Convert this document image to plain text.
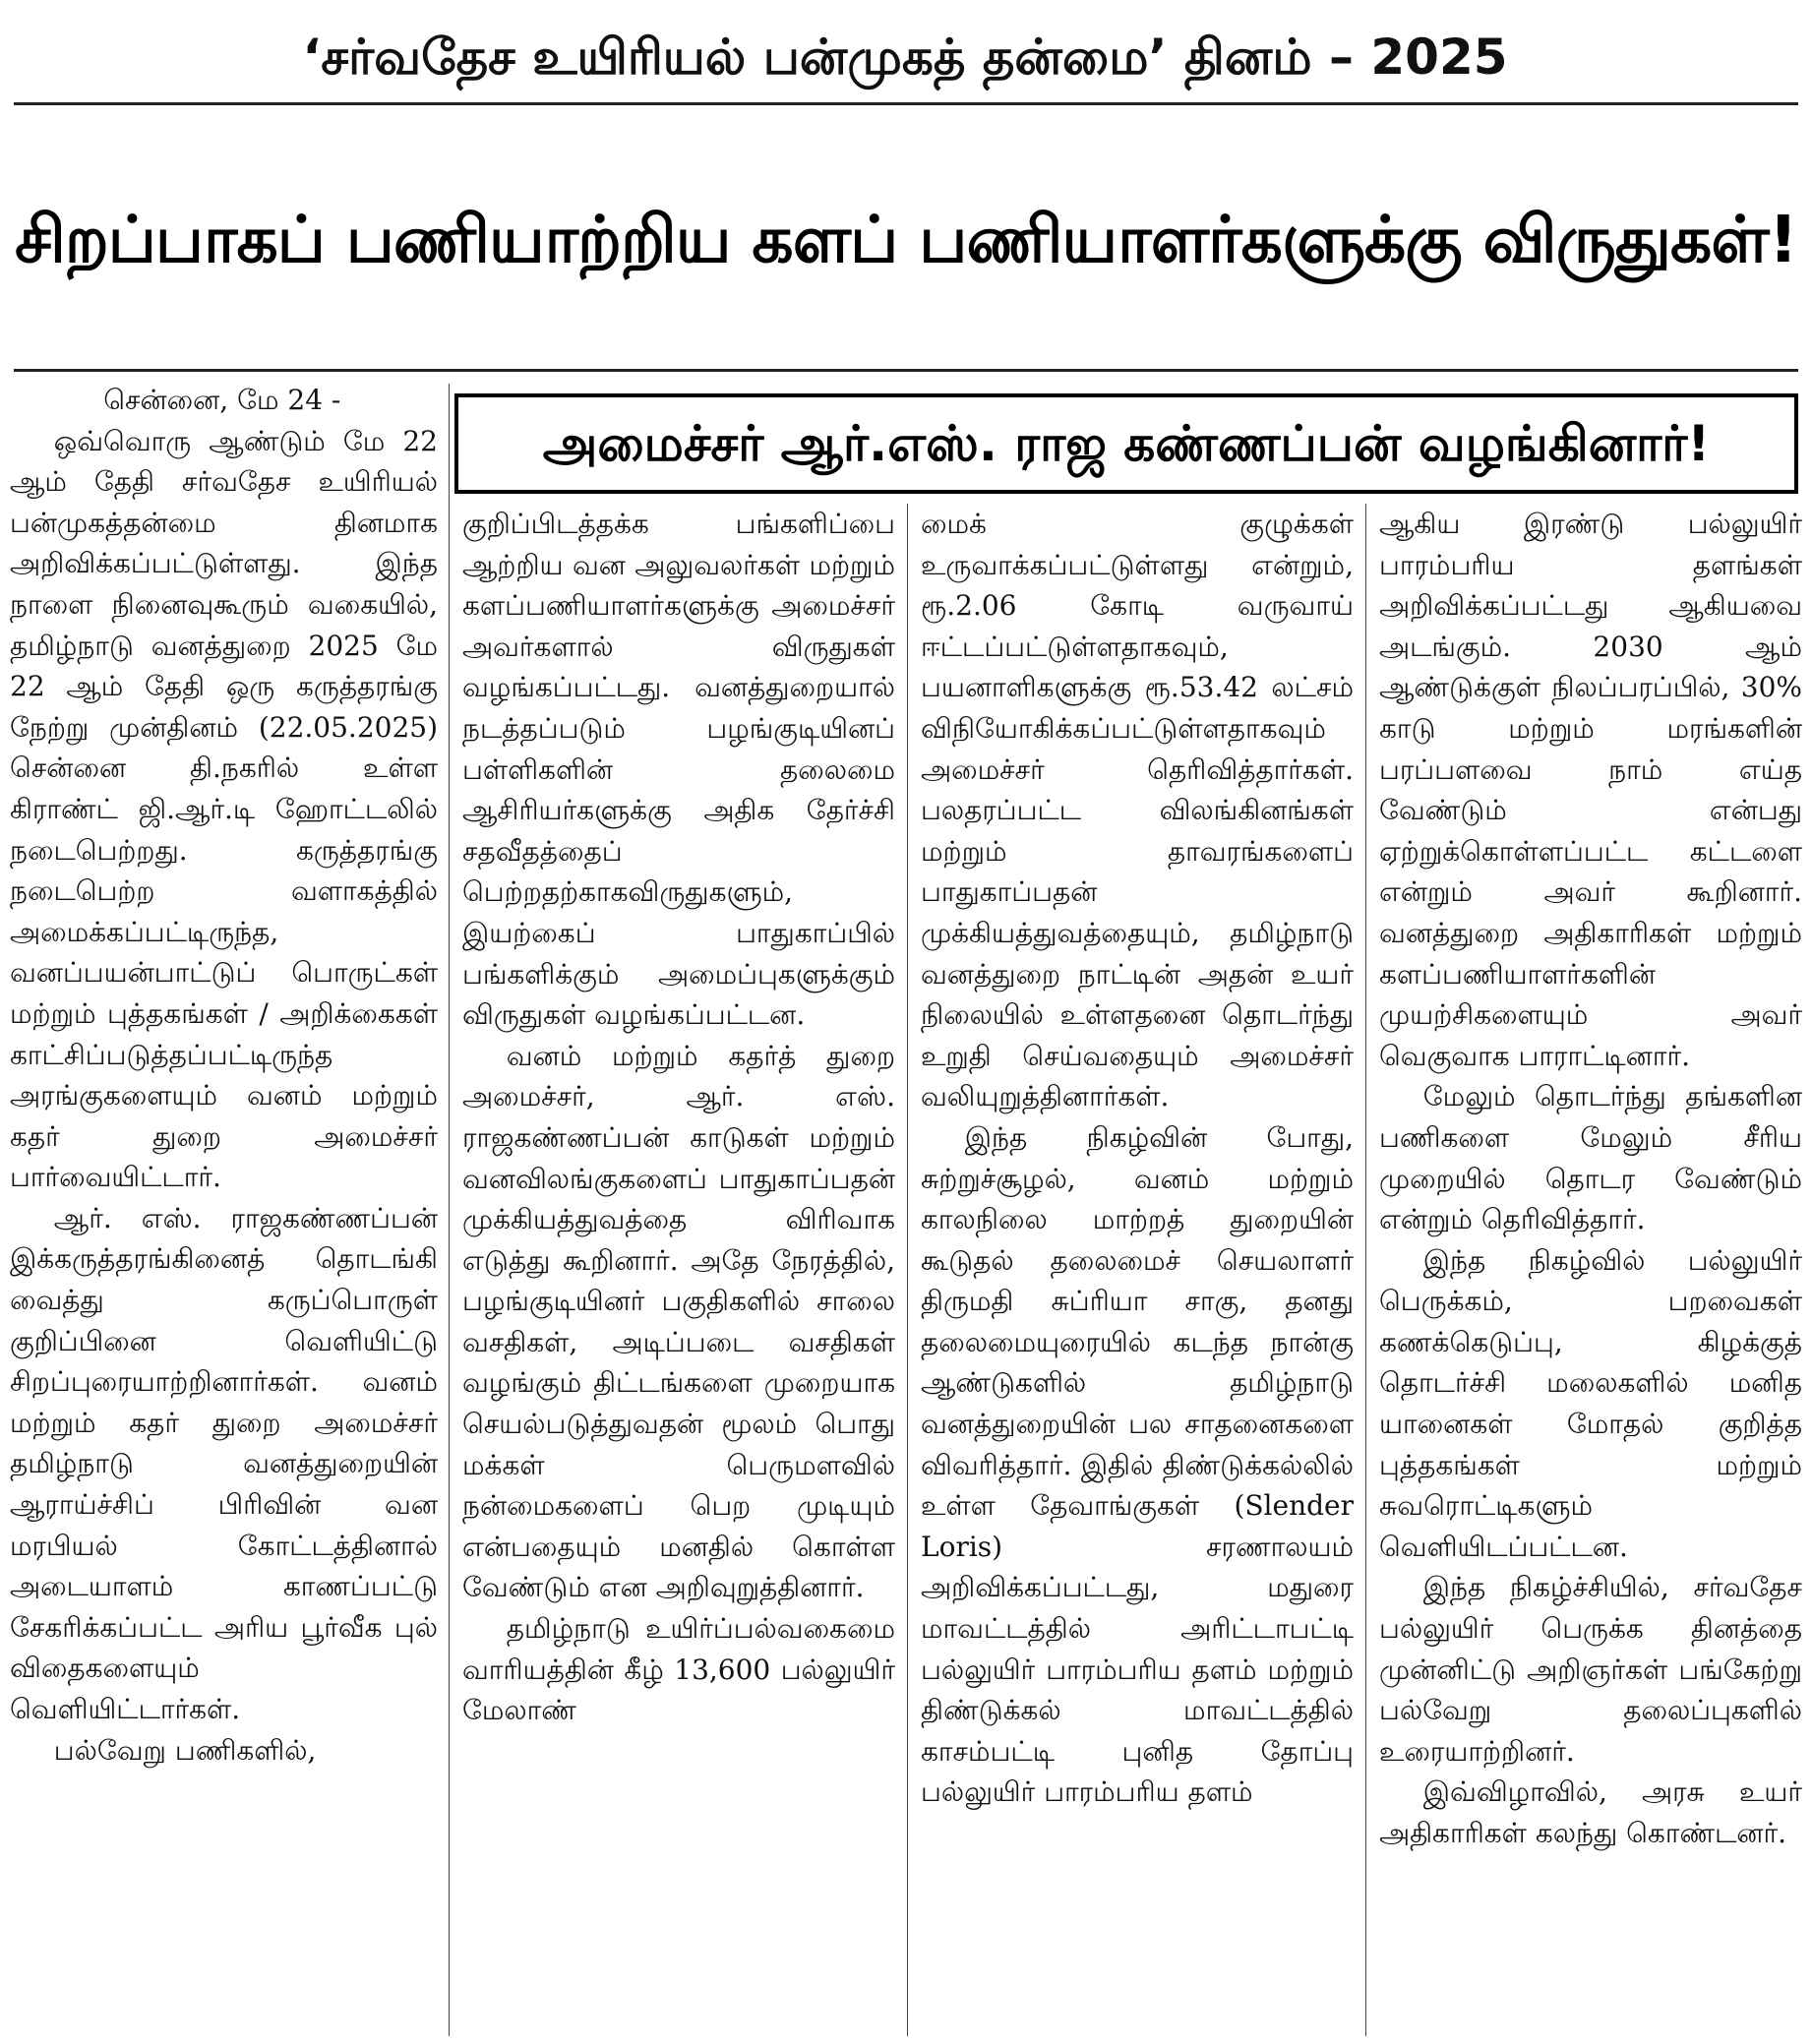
‘சர்வதேச உயிரியல் பன்முகத் தன்மை’ தினம் – 2025
சிறப்பாகப் பணியாற்றிய களப் பணியாளர்களுக்கு விருதுகள்!
அமைச்சர் ஆர்.எஸ். ராஜ கண்ணப்பன் வழங்கினார்!

சென்னை, மே 24 -

ஒவ்வொரு ஆண்டும் மே 22 ஆம் தேதி சர்வதேச உயிரியல் பன்முகத்தன்மை தினமாக அறிவிக்கப்பட்டுள்ளது. இந்த நாளை நினைவுகூரும் வகையில், தமிழ்நாடு வனத்துறை 2025 மே 22 ஆம் தேதி ஒரு கருத்தரங்கு நேற்று முன்தினம் (22.05.2025) சென்னை தி.நகரில் உள்ள கிராண்ட் ஜி.ஆர்.டி ஹோட்டலில் நடைபெற்றது. கருத்தரங்கு நடைபெற்ற வளாகத்தில் அமைக்கப்பட்டிருந்த, வனப்பயன்பாட்டுப் பொருட்கள் மற்றும் புத்தகங்கள் / அறிக்கைகள் காட்சிப்படுத்தப்பட்டிருந்த அரங்குகளையும் வனம் மற்றும் கதர் துறை அமைச்சர் பார்வையிட்டார்.

ஆர். எஸ். ராஜகண்ணப்பன் இக்கருத்தரங்கினைத் தொடங்கி வைத்து கருப்பொருள் குறிப்பினை வெளியிட்டு சிறப்புரையாற்றினார்கள். வனம் மற்றும் கதர் துறை அமைச்சர் தமிழ்நாடு வனத்துறையின் ஆராய்ச்சிப் பிரிவின் வன மரபியல் கோட்டத்தினால் அடையாளம் காணப்பட்டு சேகரிக்கப்பட்ட அரிய பூர்வீக புல் விதைகளையும் வெளியிட்டார்கள்.

பல்வேறு பணிகளில்,

குறிப்பிடத்தக்க பங்களிப்பை ஆற்றிய வன அலுவலர்கள் மற்றும் களப்பணியாளர்களுக்கு அமைச்சர் அவர்களால் விருதுகள் வழங்கப்பட்டது. வனத்துறையால் நடத்தப்படும் பழங்குடியினப் பள்ளிகளின் தலைமை ஆசிரியர்களுக்கு அதிக தேர்ச்சி சதவீதத்தைப் பெற்றதற்காகவிருதுகளும், இயற்கைப் பாதுகாப்பில் பங்களிக்கும் அமைப்புகளுக்கும் விருதுகள் வழங்கப்பட்டன.

வனம் மற்றும் கதர்த் துறை அமைச்சர், ஆர். எஸ். ராஜகண்ணப்பன் காடுகள் மற்றும் வனவிலங்குகளைப் பாதுகாப்பதன் முக்கியத்துவத்தை விரிவாக எடுத்து கூறினார். அதே நேரத்தில், பழங்குடியினர் பகுதிகளில் சாலை வசதிகள், அடிப்படை வசதிகள் வழங்கும் திட்டங்களை முறையாக செயல்படுத்துவதன் மூலம் பொது மக்கள் பெருமளவில் நன்மைகளைப் பெற முடியும் என்பதையும் மனதில் கொள்ள வேண்டும் என அறிவுறுத்தினார்.

தமிழ்நாடு உயிர்ப்பல்வகைமை வாரியத்தின் கீழ் 13,600 பல்லுயிர் மேலாண்

மைக் குழுக்கள் உருவாக்கப்பட்டுள்ளது என்றும், ரூ.2.06 கோடி வருவாய் ஈட்டப்பட்டுள்ளதாகவும், பயனாளிகளுக்கு ரூ.53.42 லட்சம் விநியோகிக்கப்பட்டுள்ளதாகவும் அமைச்சர் தெரிவித்தார்கள். பலதரப்பட்ட விலங்கினங்கள் மற்றும் தாவரங்களைப் பாதுகாப்பதன் முக்கியத்துவத்தையும், தமிழ்நாடு வனத்துறை நாட்டின் அதன் உயர் நிலையில் உள்ளதனை தொடர்ந்து உறுதி செய்வதையும் அமைச்சர் வலியுறுத்தினார்கள்.

இந்த நிகழ்வின் போது, சுற்றுச்சூழல், வனம் மற்றும் காலநிலை மாற்றத் துறையின் கூடுதல் தலைமைச் செயலாளர் திருமதி சுப்ரியா சாகு, தனது தலைமையுரையில் கடந்த நான்கு ஆண்டுகளில் தமிழ்நாடு வனத்துறையின் பல சாதனைகளை விவரித்தார். இதில் திண்டுக்கல்லில் உள்ள தேவாங்குகள் (Slender Loris) சரணாலயம் அறிவிக்கப்பட்டது, மதுரை மாவட்டத்தில் அரிட்டாபட்டி பல்லுயிர் பாரம்பரிய தளம் மற்றும் திண்டுக்கல் மாவட்டத்தில் காசம்பட்டி புனித தோப்பு பல்லுயிர் பாரம்பரிய தளம்

ஆகிய இரண்டு பல்லுயிர் பாரம்பரிய தளங்கள் அறிவிக்கப்பட்டது ஆகியவை அடங்கும். 2030 ஆம் ஆண்டுக்குள் நிலப்பரப்பில், 30% காடு மற்றும் மரங்களின் பரப்பளவை நாம் எய்த வேண்டும் என்பது ஏற்றுக்கொள்ளப்பட்ட கட்டளை என்றும் அவர் கூறினார். வனத்துறை அதிகாரிகள் மற்றும் களப்பணியாளர்களின் முயற்சிகளையும் அவர் வெகுவாக பாராட்டினார்.

மேலும் தொடர்ந்து தங்களின பணிகளை மேலும் சீரிய முறையில் தொடர வேண்டும் என்றும் தெரிவித்தார்.

இந்த நிகழ்வில் பல்லுயிர் பெருக்கம், பறவைகள் கணக்கெடுப்பு, கிழக்குத் தொடர்ச்சி மலைகளில் மனித யானைகள் மோதல் குறித்த புத்தகங்கள் மற்றும் சுவரொட்டிகளும் வெளியிடப்பட்டன.

இந்த நிகழ்ச்சியில், சர்வதேச பல்லுயிர் பெருக்க தினத்தை முன்னிட்டு அறிஞர்கள் பங்கேற்று பல்வேறு தலைப்புகளில் உரையாற்றினர்.

இவ்விழாவில், அரசு உயர் அதிகாரிகள் கலந்து கொண்டனர்.
